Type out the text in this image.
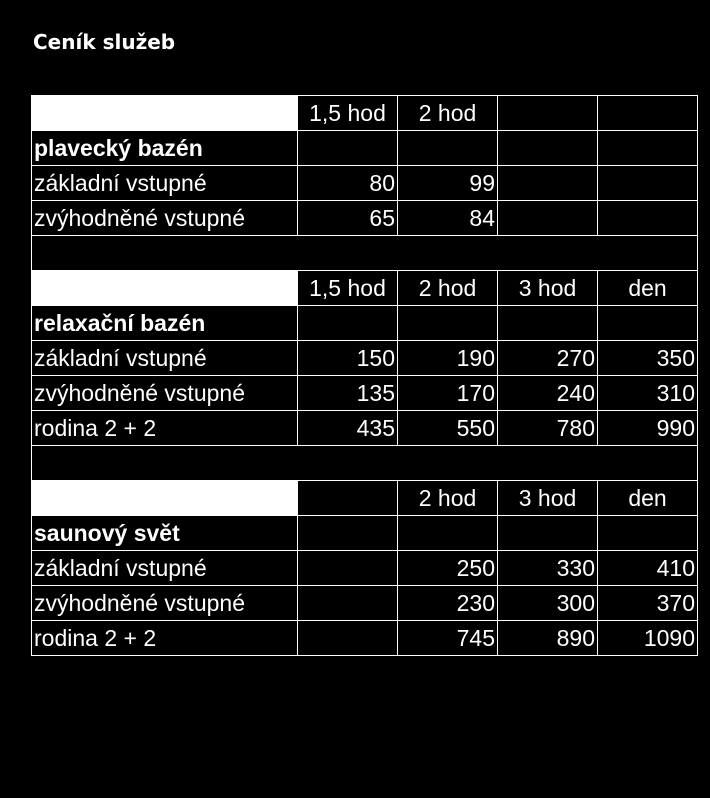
Ceník služeb
	1,5 hod	2 hod		
plavecký bazén				
základní vstupné	80	99		
zvýhodněné vstupné	65	84		

	1,5 hod	2 hod	3 hod	den
relaxační bazén				
základní vstupné	150	190	270	350
zvýhodněné vstupné	135	170	240	310
rodina 2 + 2	435	550	780	990

		2 hod	3 hod	den
saunový svět				
základní vstupné		250	330	410
zvýhodněné vstupné		230	300	370
rodina 2 + 2		745	890	1090
